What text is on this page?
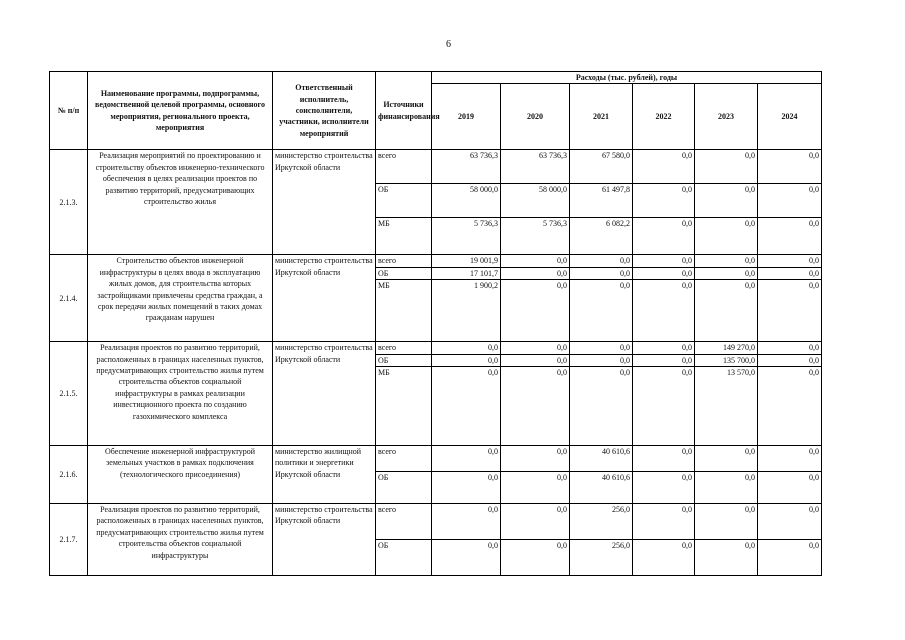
6
№ п/п	Наименование программы, подпрограммы, ведомственной целевой программы, основного мероприятия, регионального проекта, мероприятия	Ответственный исполнитель, соисполнители, участники, исполнители мероприятий	Источники финансирования	Расходы (тыс. рублей), годы					
				2019	2020	2021	2022	2023	2024
2.1.3.	Реализация мероприятий по проектированию и строительству объектов инженерно-технического обеспечения в целях реализации проектов по развитию территорий, предусматривающих строительство жилья	министерство строительства Иркутской области	всего	63 736,3	63 736,3	67 580,0	0,0	0,0	0,0
			ОБ	58 000,0	58 000,0	61 497,8	0,0	0,0	0,0
			МБ	5 736,3	5 736,3	6 082,2	0,0	0,0	0,0
2.1.4.	Строительство объектов инженерной инфраструктуры в целях ввода в эксплуатацию жилых домов, для строительства которых застройщиками привлечены средства граждан, а срок передачи жилых помещений в таких домах гражданам нарушен	министерство строительства Иркутской области	всего	19 001,9	0,0	0,0	0,0	0,0	0,0
			ОБ	17 101,7	0,0	0,0	0,0	0,0	0,0
			МБ	1 900,2	0,0	0,0	0,0	0,0	0,0
2.1.5.	Реализация проектов по развитию территорий, расположенных в границах населенных пунктов, предусматривающих строительство жилья путем строительства объектов социальной инфраструктуры в рамках реализации инвестиционного проекта по созданию газохимического комплекса	министерство строительства Иркутской области	всего	0,0	0,0	0,0	0,0	149 270,0	0,0
			ОБ	0,0	0,0	0,0	0,0	135 700,0	0,0
			МБ	0,0	0,0	0,0	0,0	13 570,0	0,0
2.1.6.	Обеспечение инженерной инфраструктурой земельных участков в рамках подключения (технологического присоединения)	министерство жилищной политики и энергетики Иркутской области	всего	0,0	0,0	40 610,6	0,0	0,0	0,0
			ОБ	0,0	0,0	40 610,6	0,0	0,0	0,0
2.1.7.	Реализация проектов по развитию территорий, расположенных в границах населенных пунктов, предусматривающих строительство жилья путем строительства объектов социальной инфраструктуры	министерство строительства Иркутской области	всего	0,0	0,0	256,0	0,0	0,0	0,0
			ОБ	0,0	0,0	256,0	0,0	0,0	0,0
